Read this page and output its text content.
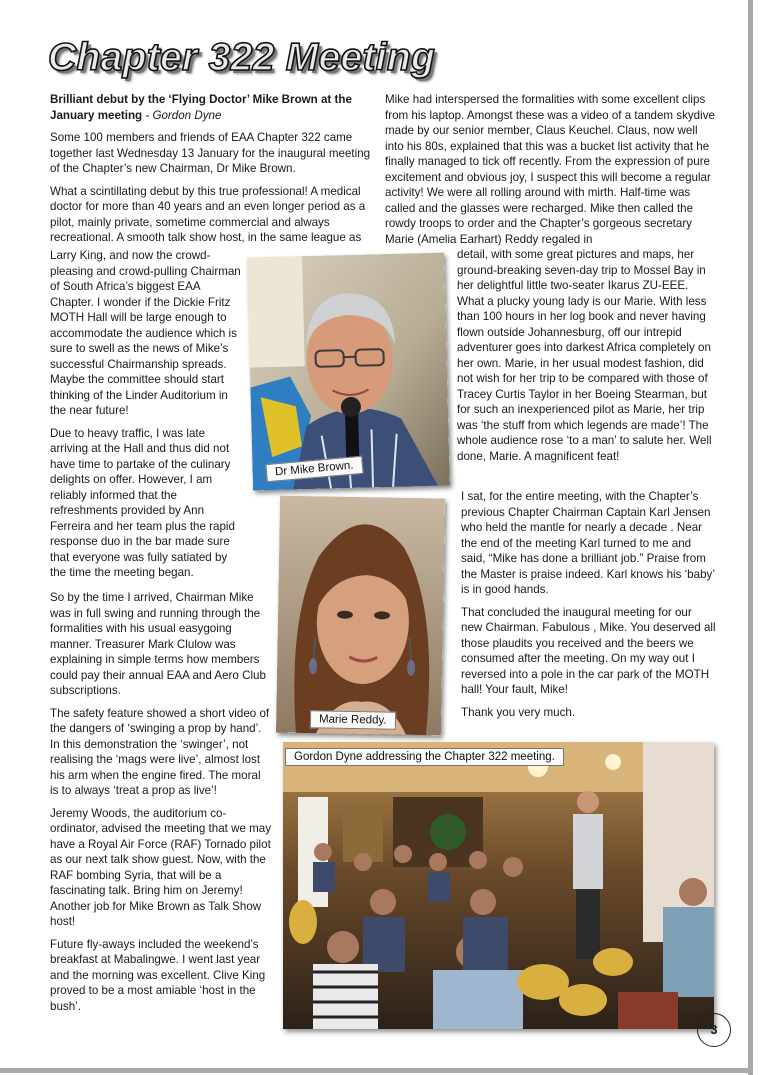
Chapter 322 Meeting

Brilliant debut by the ‘Flying Doctor’ Mike Brown at the January meeting - Gordon Dyne

Some 100 members and friends of EAA Chapter 322 came together last Wednesday 13 January for the inaugural meeting of the Chapter’s new Chairman, Dr Mike Brown.

What a scintillating debut by this true professional! A medical doctor for more than 40 years and an even longer period as a pilot, mainly private, sometime commercial and always recreational. A smooth talk show host, in the same league as

Larry King, and now the crowd-pleasing and crowd-pulling Chairman of South Africa’s biggest EAA Chapter. I wonder if the Dickie Fritz MOTH Hall will be large enough to accommodate the audience which is sure to swell as the news of Mike’s successful Chairmanship spreads. Maybe the committee should start thinking of the Linder Auditorium in the near future!

Due to heavy traffic, I was late arriving at the Hall and thus did not have time to partake of the culinary delights on offer. However, I am reliably informed that the refreshments provided by Ann Ferreira and her team plus the rapid response duo in the bar made sure that everyone was fully satiated by the time the meeting began.

So by the time I arrived, Chairman Mike was in full swing and running through the formalities with his usual easygoing manner. Treasurer Mark Clulow was explaining in simple terms how members could pay their annual EAA and Aero Club subscriptions.

The safety feature showed a short video of the dangers of ‘swinging a prop by hand’. In this demonstration the ‘swinger’, not realising the ‘mags were live’, almost lost his arm when the engine fired. The moral is to always ‘treat a prop as live’!

Jeremy Woods, the auditorium co-ordinator, advised the meeting that we may have a Royal Air Force (RAF) Tornado pilot as our next talk show guest. Now, with the RAF bombing Syria, that will be a fascinating talk. Bring him on Jeremy! Another job for Mike Brown as Talk Show host!

Future fly-aways included the weekend’s breakfast at Mabalingwe. I went last year and the morning was excellent. Clive King proved to be a most amiable ‘host in the bush’.

Mike had interspersed the formalities with some excellent clips from his laptop. Amongst these was a video of a tandem skydive made by our senior member, Claus Keuchel. Claus, now well into his 80s, explained that this was a bucket list activity that he finally managed to tick off recently. From the expression of pure excitement and obvious joy, I suspect this will become a regular activity! We were all rolling around with mirth. Half-time was called and the glasses were recharged. Mike then called the rowdy troops to order and the Chapter’s gorgeous secretary Marie (Amelia Earhart) Reddy regaled in

detail, with some great pictures and maps, her ground-breaking seven-day trip to Mossel Bay in her delightful little two-seater Ikarus ZU-EEE. What a plucky young lady is our Marie. With less than 100 hours in her log book and never having flown outside Johannesburg, off our intrepid adventurer goes into darkest Africa completely on her own. Marie, in her usual modest fashion, did not wish for her trip to be compared with those of Tracey Curtis Taylor in her Boeing Stearman, but for such an inexperienced pilot as Marie, her trip was ‘the stuff from which legends are made’! The whole audience rose ‘to a man’ to salute her. Well done, Marie. A magnificent feat!

I sat, for the entire meeting, with the Chapter’s previous Chapter Chairman Captain Karl Jensen who held the mantle for nearly a decade . Near the end of the meeting Karl turned to me and said, “Mike has done a brilliant job.” Praise from the Master is praise indeed. Karl knows his ‘baby’ is in good hands.

That concluded the inaugural meeting for our new Chairman. Fabulous , Mike. You deserved all those plaudits you received and the beers we consumed after the meeting. On my way out I reversed into a pole in the car park of the MOTH hall! Your fault, Mike!

Thank you very much.

Dr Mike Brown.
Marie Reddy.
Gordon Dyne addressing the Chapter 322 meeting.
3
